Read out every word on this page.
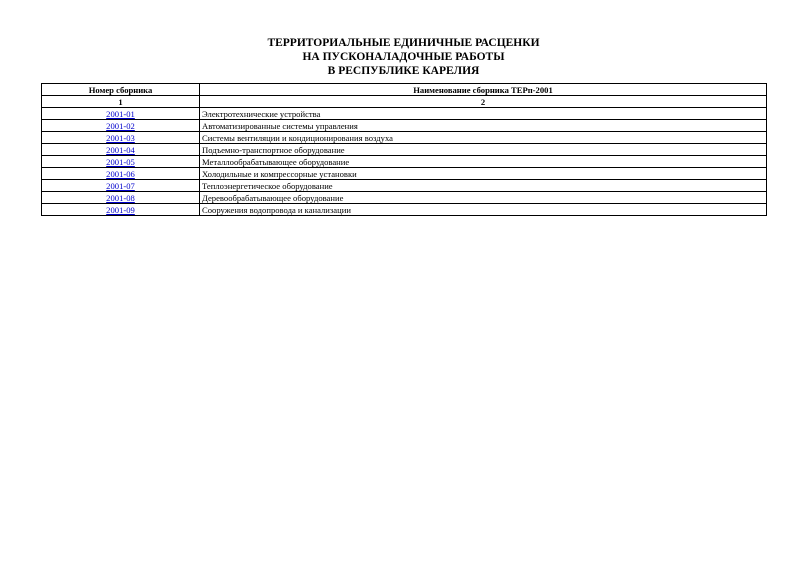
ТЕРРИТОРИАЛЬНЫЕ ЕДИНИЧНЫЕ РАСЦЕНКИ
НА ПУСКОНАЛАДОЧНЫЕ РАБОТЫ
В РЕСПУБЛИКЕ КАРЕЛИЯ
Номер сборника	Наименование сборника ТЕРп-2001
1	2
2001-01	Электротехнические устройства
2001-02	Автоматизированные системы управления
2001-03	Системы вентиляции и кондиционирования воздуха
2001-04	Подъемно-транспортное оборудование
2001-05	Металлообрабатывающее оборудование
2001-06	Холодильные и компрессорные установки
2001-07	Теплоэнергетическое оборудование
2001-08	Деревообрабатывающее оборудование
2001-09	Сооружения водопровода и канализации
